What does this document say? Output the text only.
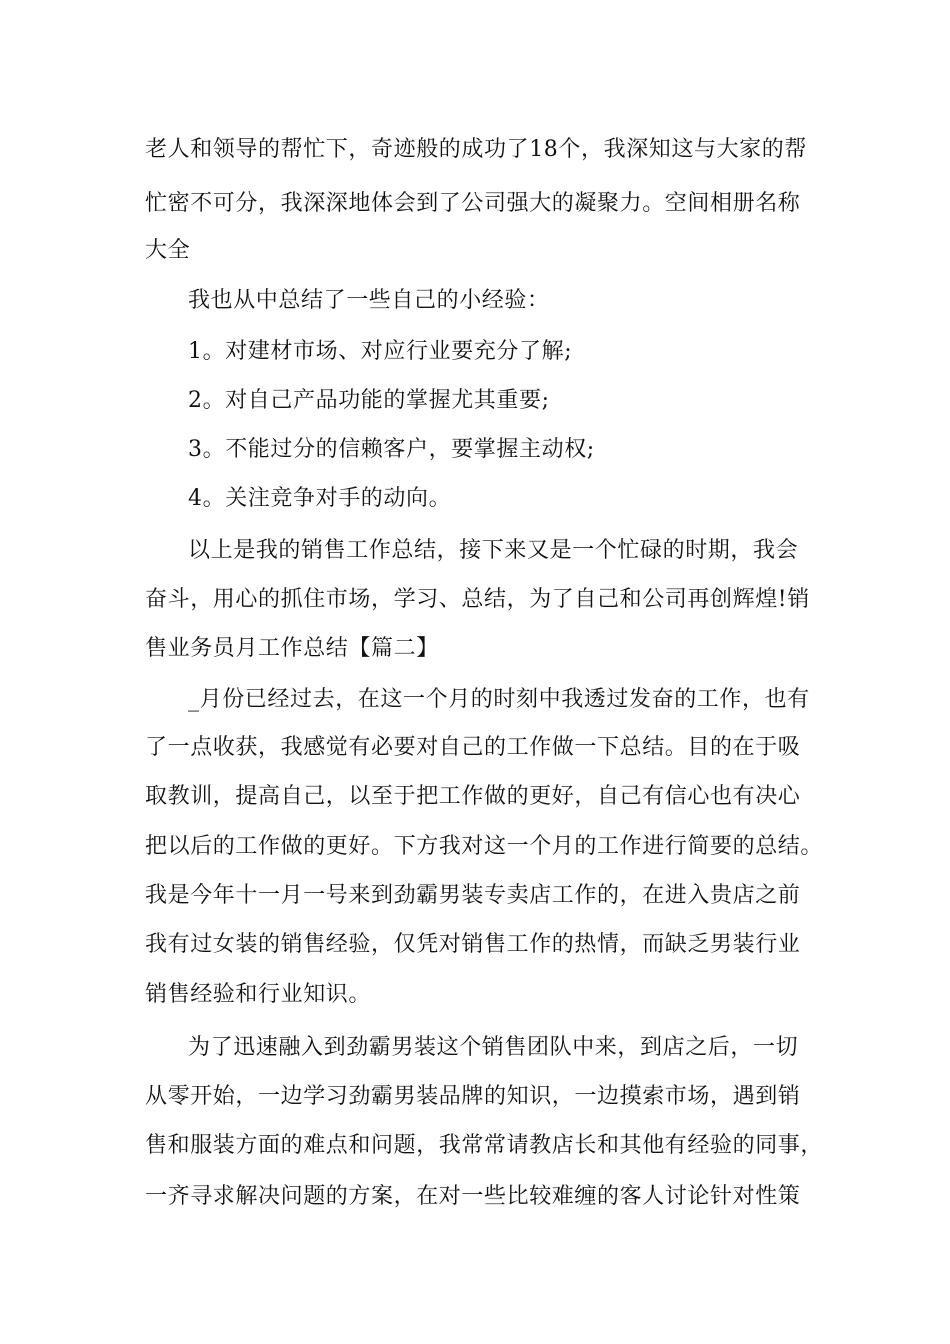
老人和领导的帮忙下，奇迹般的成功了18个，我深知这与大家的帮
忙密不可分，我深深地体会到了公司强大的凝聚力。空间相册名称
大全
我也从中总结了一些自己的小经验：
1。对建材市场、对应行业要充分了解;
2。对自己产品功能的掌握尤其重要;
3。不能过分的信赖客户，要掌握主动权;
4。关注竞争对手的动向。
以上是我的销售工作总结，接下来又是一个忙碌的时期，我会
奋斗，用心的抓住市场，学习、总结，为了自己和公司再创辉煌!销
售业务员月工作总结【篇二】
_月份已经过去，在这一个月的时刻中我透过发奋的工作，也有
了一点收获，我感觉有必要对自己的工作做一下总结。目的在于吸
取教训，提高自己，以至于把工作做的更好，自己有信心也有决心
把以后的工作做的更好。下方我对这一个月的工作进行简要的总结。
我是今年十一月一号来到劲霸男装专卖店工作的，在进入贵店之前
我有过女装的销售经验，仅凭对销售工作的热情，而缺乏男装行业
销售经验和行业知识。
为了迅速融入到劲霸男装这个销售团队中来，到店之后，一切
从零开始，一边学习劲霸男装品牌的知识，一边摸索市场，遇到销
售和服装方面的难点和问题，我常常请教店长和其他有经验的同事，
一齐寻求解决问题的方案，在对一些比较难缠的客人讨论针对性策
